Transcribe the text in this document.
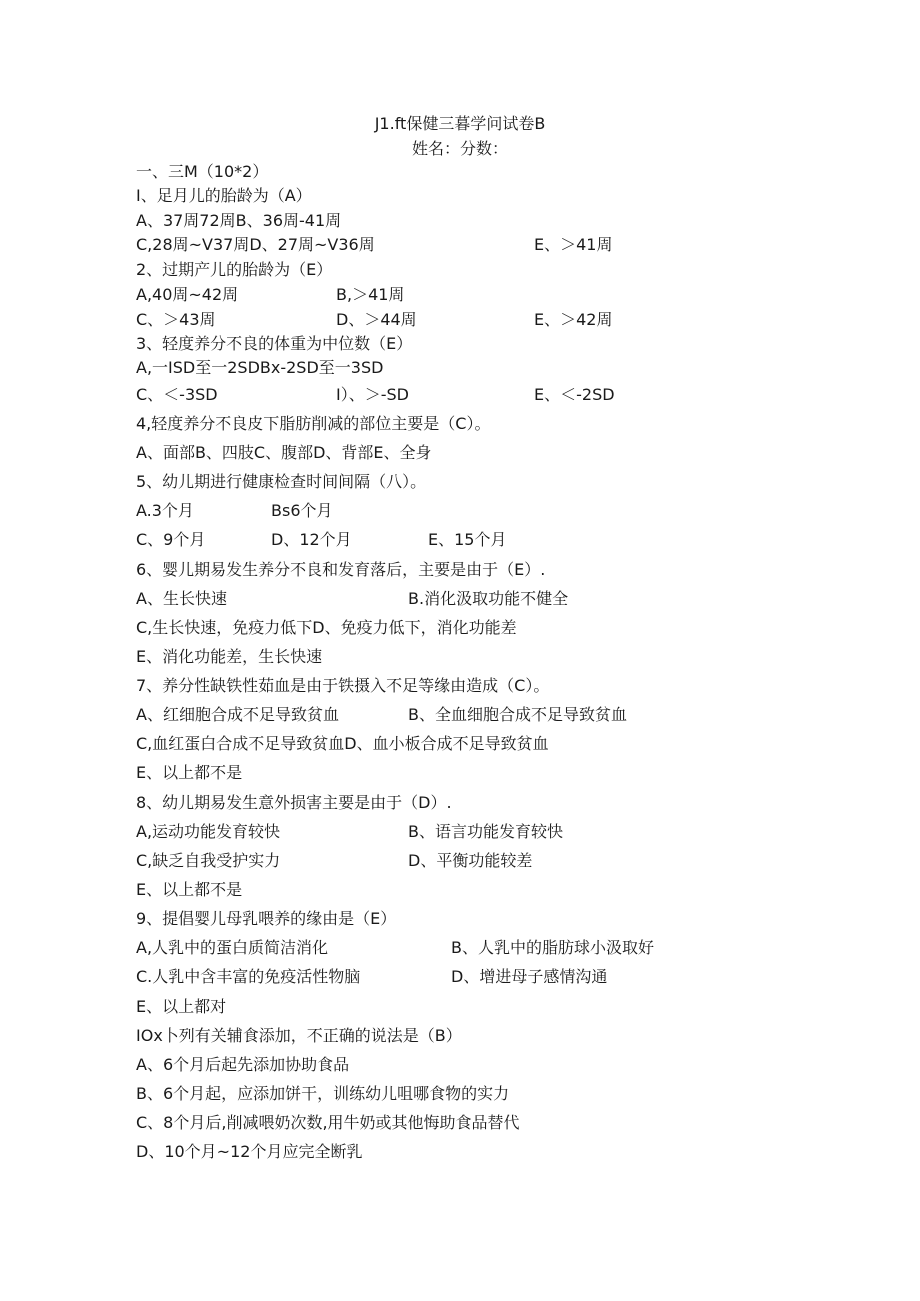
J1.ft保健三暮学问试卷B
姓名：分数：
一、三M（10*2）
I、足月儿的胎龄为（A）
A、37周72周B、36周-41周
C,28周~V37周D、27周~V36周	E、＞41周
2、过期产儿的胎龄为（E）
A,40周~42周	B,＞41周
C、＞43周	D、＞44周	E、＞42周
3、轻度养分不良的体重为中位数（E）
A,一ISD至一2SDBx-2SD至一3SD
C、＜-3SD	I）、＞-SD	E、＜-2SD
4,轻度养分不良皮下脂肪削减的部位主要是（C）。
A、面部B、四肢C、腹部D、背部E、全身
5、幼儿期进行健康检查时间间隔（八）。
A.3个月	Bs6个月
C、9个月	D、12个月	E、15个月
6、婴儿期易发生养分不良和发育落后，主要是由于（E）.
A、生长快速	B.消化汲取功能不健全
C,生长快速，免疫力低下D、免疫力低下，消化功能差
E、消化功能差，生长快速
7、养分性缺铁性茹血是由于铁摄入不足等缘由造成（C）。
A、红细胞合成不足导致贫血	B、全血细胞合成不足导致贫血
C,血红蛋白合成不足导致贫血D、血小板合成不足导致贫血
E、以上都不是
8、幼儿期易发生意外损害主要是由于（D）.
A,运动功能发育较快	B、语言功能发育较快
C,缺乏自我受护实力	D、平衡功能较差
E、以上都不是
9、提倡婴儿母乳喂养的缘由是（E）
A,人乳中的蛋白质简洁消化	B、人乳中的脂肪球小汲取好
C.人乳中含丰富的免疫活性物脑	D、增进母子感情沟通
E、以上都对
IOx卜列有关辅食添加，不正确的说法是（B）
A、6个月后起先添加协助食品
B、6个月起，应添加饼干，训练幼儿咀哪食物的实力
C、8个月后,削减喂奶次数,用牛奶或其他悔助食品替代
D、10个月~12个月应完全断乳
